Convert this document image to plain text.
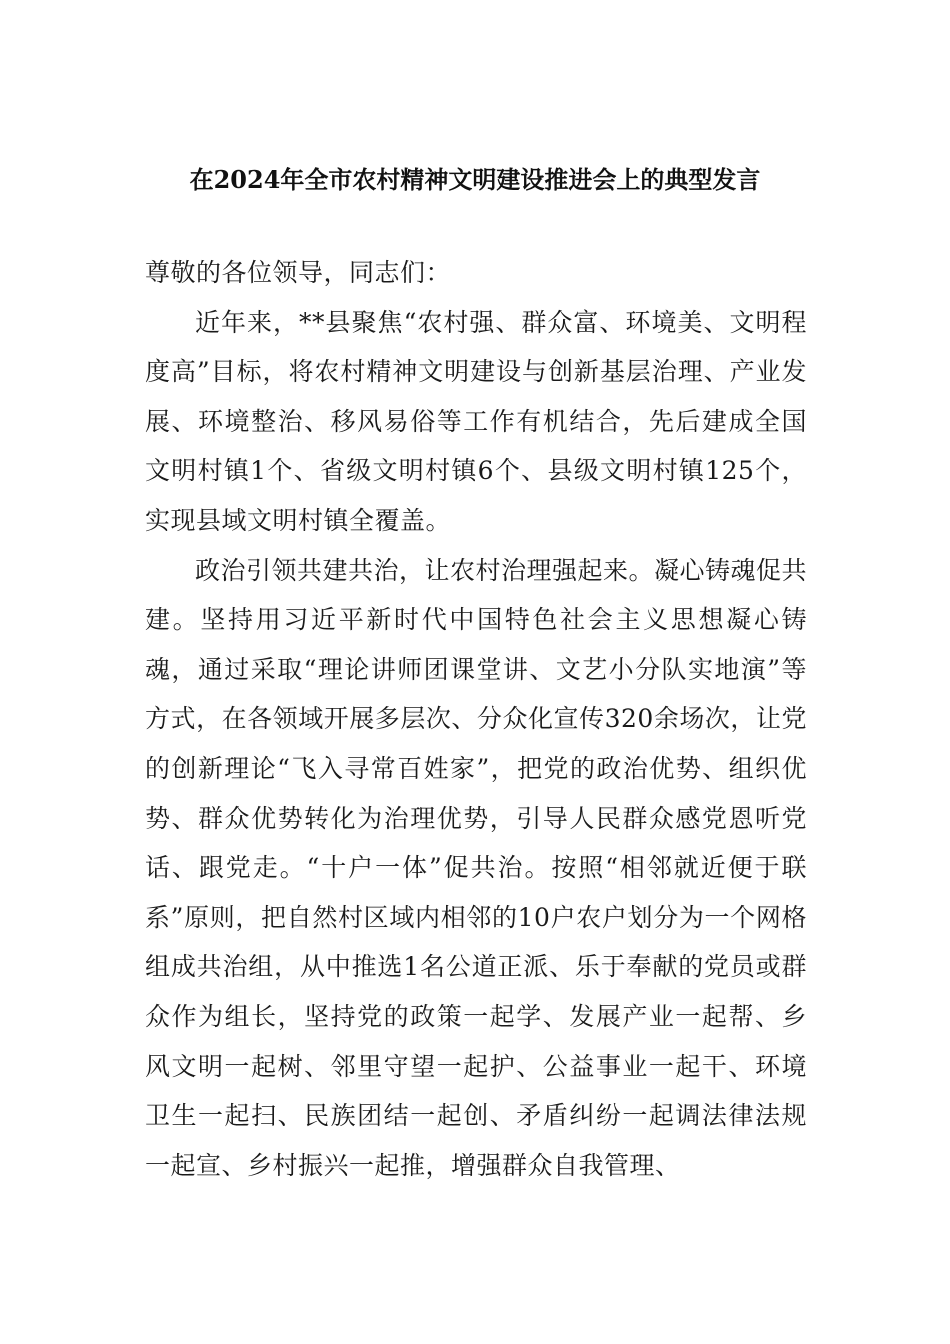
在2024年全市农村精神文明建设推进会上的典型发言

尊敬的各位领导，同志们：

近年来，**县聚焦“农村强、群众富、环境美、文明程度高”目标，将农村精神文明建设与创新基层治理、产业发展、环境整治、移风易俗等工作有机结合，先后建成全国文明村镇1个、省级文明村镇6个、县级文明村镇125个，实现县域文明村镇全覆盖。

政治引领共建共治，让农村治理强起来。凝心铸魂促共建。坚持用习近平新时代中国特色社会主义思想凝心铸魂，通过采取“理论讲师团课堂讲、文艺小分队实地演”等方式，在各领域开展多层次、分众化宣传320余场次，让党的创新理论“飞入寻常百姓家”，把党的政治优势、组织优势、群众优势转化为治理优势，引导人民群众感党恩听党话、跟党走。“十户一体”促共治。按照“相邻就近便于联系”原则，把自然村区域内相邻的10户农户划分为一个网格组成共治组，从中推选1名公道正派、乐于奉献的党员或群众作为组长，坚持党的政策一起学、发展产业一起帮、乡风文明一起树、邻里守望一起护、公益事业一起干、环境卫生一起扫、民族团结一起创、矛盾纠纷一起调法律法规一起宣、乡村振兴一起推，增强群众自我管理、
